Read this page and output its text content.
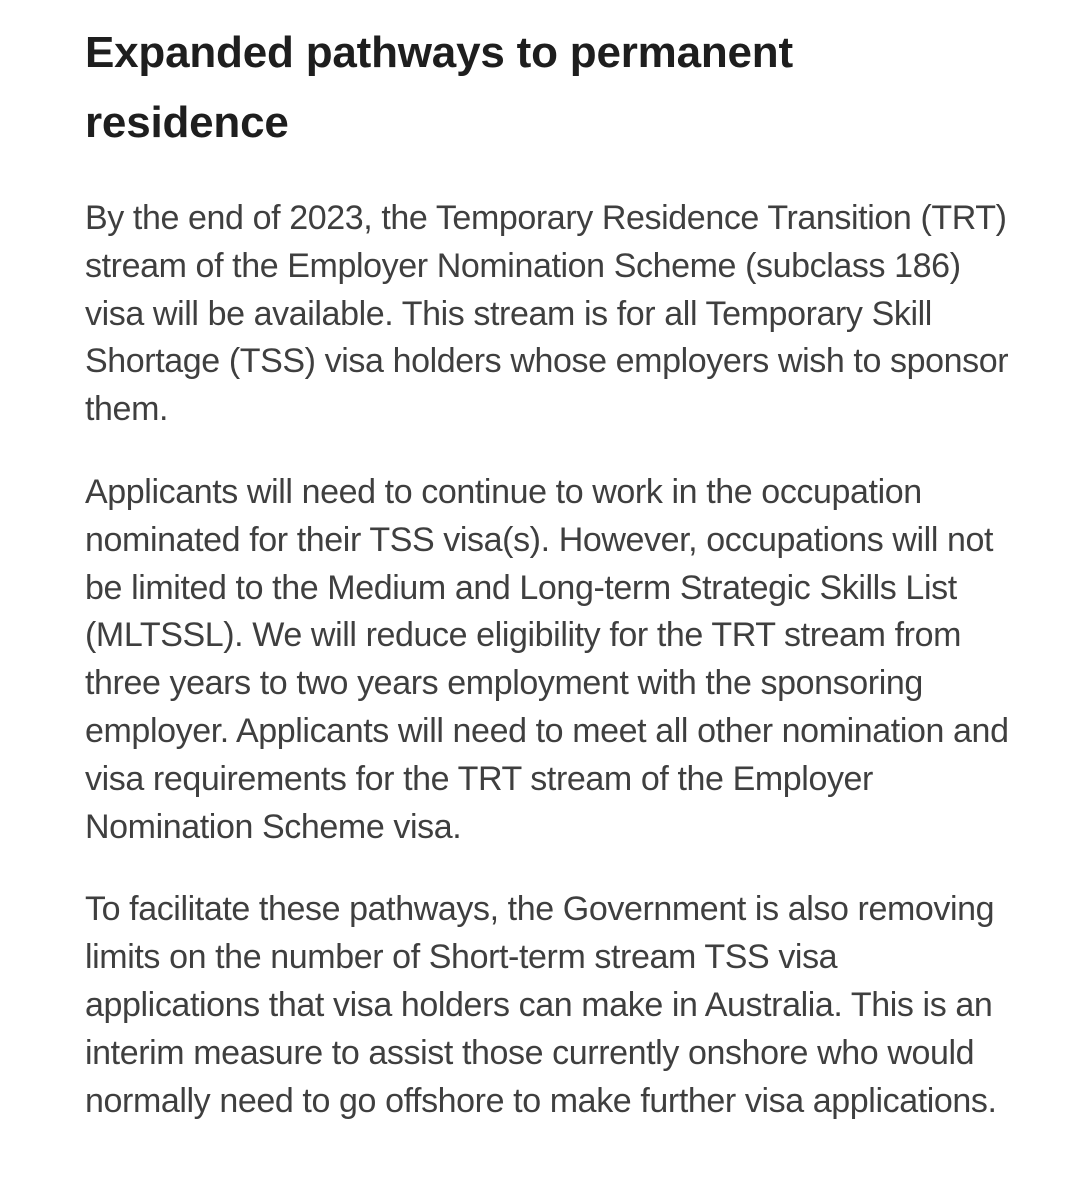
Expanded pathways to permanent residence

By the end of 2023, the Temporary Residence Transition (TRT) stream of the Employer Nomination Scheme (subclass 186) visa will be available. This stream is for all Temporary Skill Shortage (TSS) visa holders whose employers wish to sponsor them.

Applicants will need to continue to work in the occupation nominated for their TSS visa(s). However, occupations will not be limited to the Medium and Long-term Strategic Skills List (MLTSSL). We will reduce eligibility for the TRT stream from three years to two years employment with the sponsoring employer. Applicants will need to meet all other nomination and visa requirements for the TRT stream of the Employer Nomination Scheme visa.

To facilitate these pathways, the Government is also removing limits on the number of Short-term stream TSS visa applications that visa holders can make in Australia. This is an interim measure to assist those currently onshore who would normally need to go offshore to make further visa applications.
